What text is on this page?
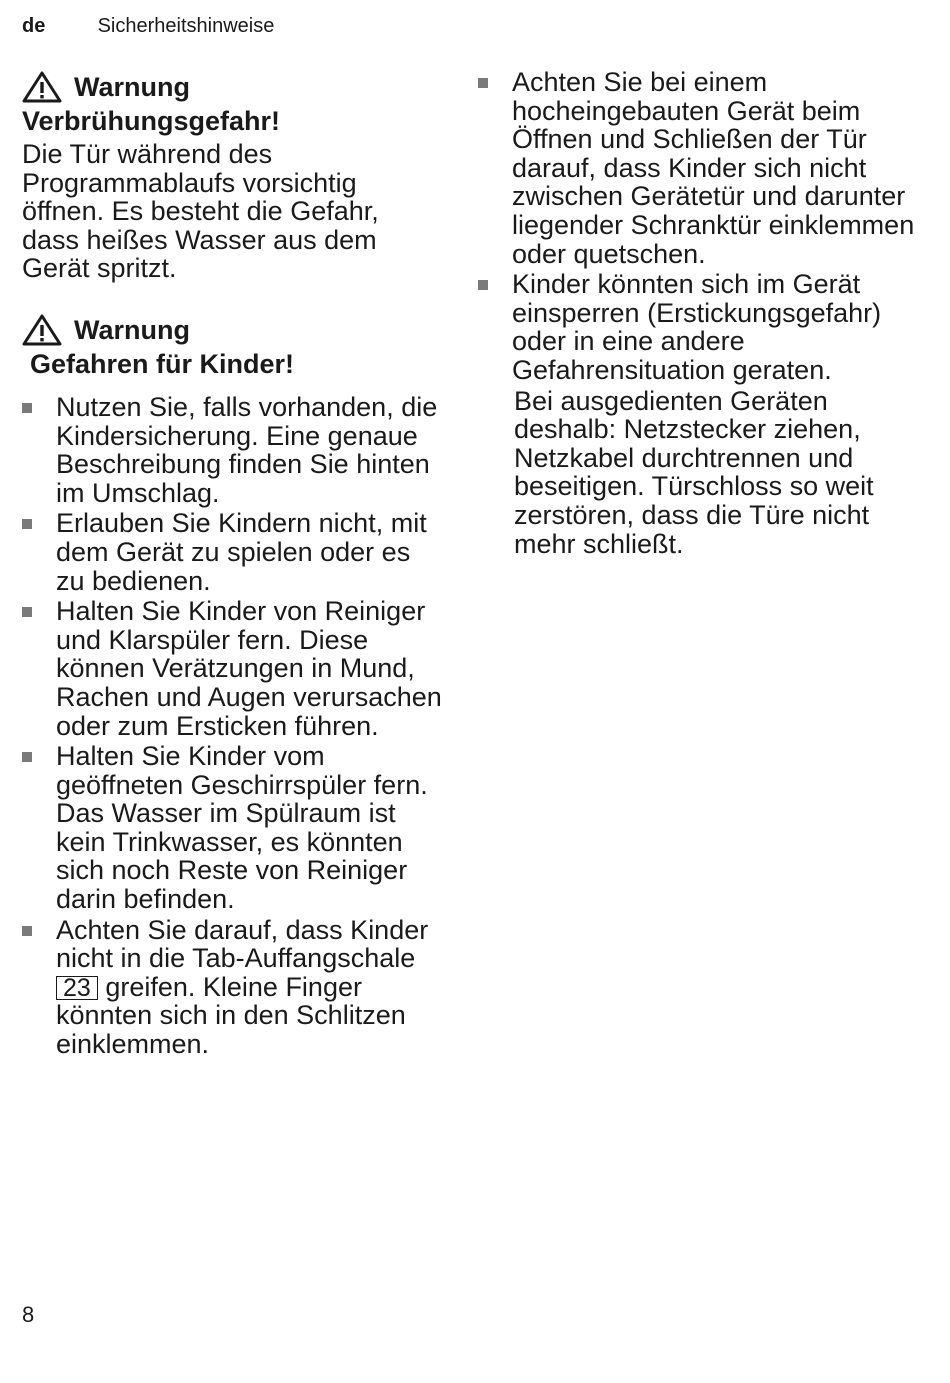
de	Sicherheitshinweise
Warnung
Verbrühungsgefahr!

Die Tür während des Programmablaufs vorsichtig öffnen. Es besteht die Gefahr, dass heißes Wasser aus dem Gerät spritzt.

Warnung
Gefahren für Kinder!
Nutzen Sie, falls vorhanden, die Kindersicherung. Eine genaue Beschreibung finden Sie hinten im Umschlag.
Erlauben Sie Kindern nicht, mit dem Gerät zu spielen oder es zu bedienen.
Halten Sie Kinder von Reiniger und Klarspüler fern. Diese können Verätzungen in Mund, Rachen und Augen verursachen oder zum Ersticken führen.
Halten Sie Kinder vom geöffneten Geschirrspüler fern. Das Wasser im Spülraum ist kein Trinkwasser, es könnten sich noch Reste von Reiniger darin befinden.
Achten Sie darauf, dass Kinder nicht in die Tab-Auffangschale 23 greifen. Kleine Finger könnten sich in den Schlitzen einklemmen.
Achten Sie bei einem hocheingebauten Gerät beim Öffnen und Schließen der Tür darauf, dass Kinder sich nicht zwischen Gerätetür und darunter liegender Schranktür einklemmen oder quetschen.
Kinder könnten sich im Gerät einsperren (Erstickungsgefahr) oder in eine andere Gefahrensituation geraten.

Bei ausgedienten Geräten deshalb: Netzstecker ziehen, Netzkabel durchtrennen und beseitigen. Türschloss so weit zerstören, dass die Türe nicht mehr schließt.

8
